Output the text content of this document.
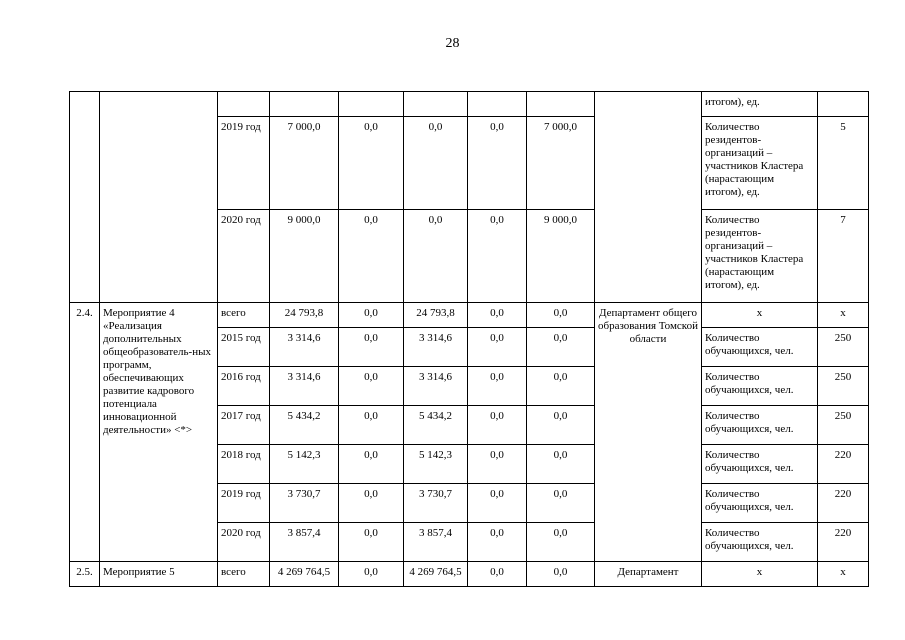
28
									итогом), ед.	
		2019 год	7 000,0	0,0	0,0	0,0	7 000,0		Количество резидентов-организаций – участников Кластера (нарастающим итогом), ед.	5
		2020 год	9 000,0	0,0	0,0	0,0	9 000,0		Количество резидентов-организаций – участников Кластера (нарастающим итогом), ед.	7
2.4.	Мероприятие 4 «Реализация дополнительных общеобразователь-ных программ, обеспечивающих развитие кадрового потенциала инновационной деятельности» <*>	всего	24 793,8	0,0	24 793,8	0,0	0,0	Департамент общего образования Томской области	x	x
		2015 год	3 314,6	0,0	3 314,6	0,0	0,0		Количество обучающихся, чел.	250
		2016 год	3 314,6	0,0	3 314,6	0,0	0,0		Количество обучающихся, чел.	250
		2017 год	5 434,2	0,0	5 434,2	0,0	0,0		Количество обучающихся, чел.	250
		2018 год	5 142,3	0,0	5 142,3	0,0	0,0		Количество обучающихся, чел.	220
		2019 год	3 730,7	0,0	3 730,7	0,0	0,0		Количество обучающихся, чел.	220
		2020 год	3 857,4	0,0	3 857,4	0,0	0,0		Количество обучающихся, чел.	220
2.5.	Мероприятие 5	всего	4 269 764,5	0,0	4 269 764,5	0,0	0,0	Департамент	x	x
